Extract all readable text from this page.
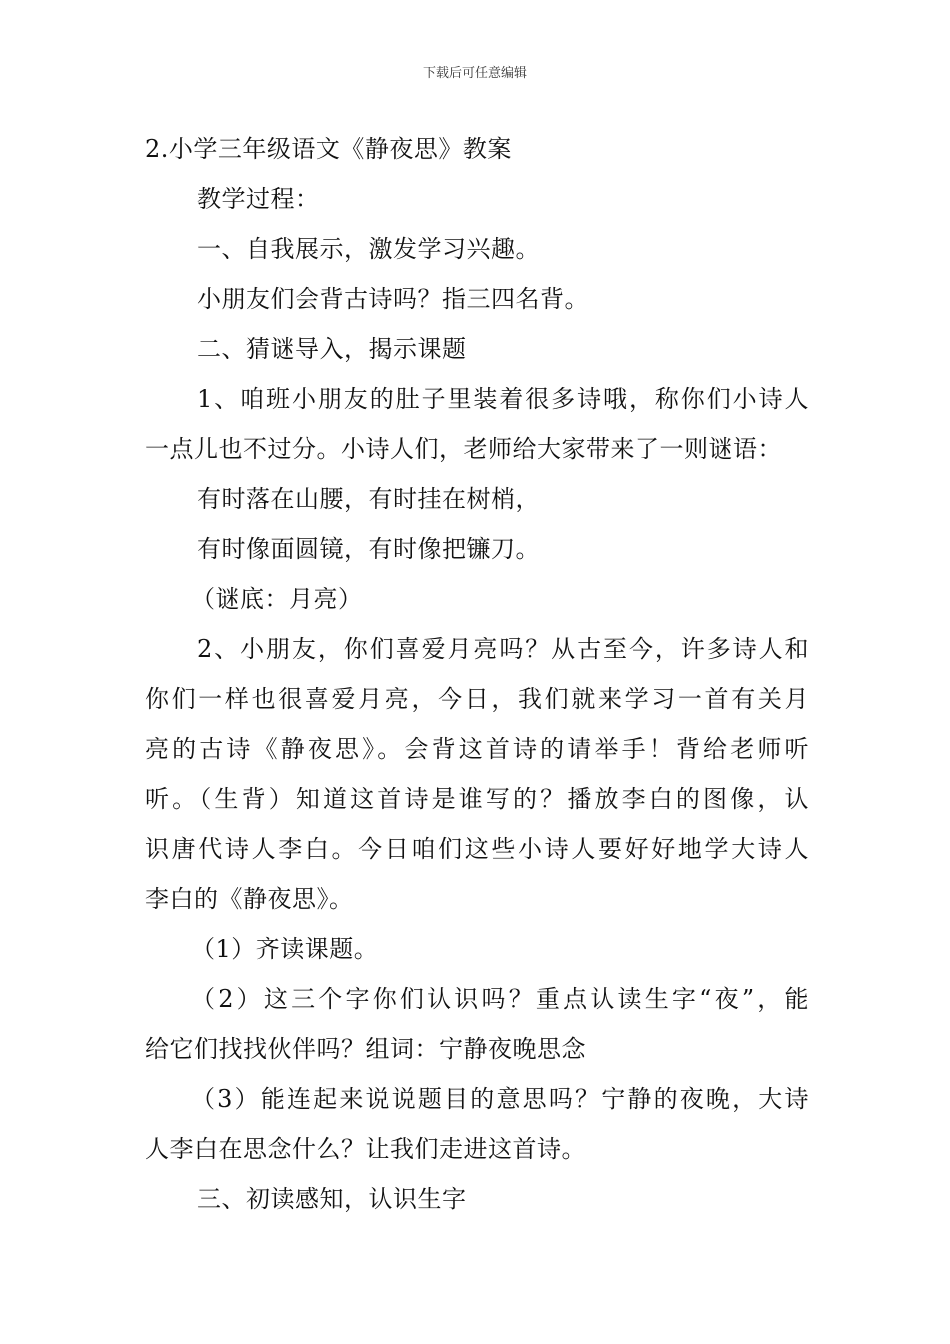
下载后可任意编辑
2.小学三年级语文《静夜思》教案
教学过程：
一、自我展示，激发学习兴趣。
小朋友们会背古诗吗？指三四名背。
二、猜谜导入，揭示课题
1、咱班小朋友的肚子里装着很多诗哦，称你们小诗人
一点儿也不过分。小诗人们，老师给大家带来了一则谜语：
有时落在山腰，有时挂在树梢，
有时像面圆镜，有时像把镰刀。
（谜底：月亮）
2、小朋友，你们喜爱月亮吗？从古至今，许多诗人和
你们一样也很喜爱月亮，今日，我们就来学习一首有关月
亮的古诗《静夜思》。会背这首诗的请举手！背给老师听
听。（生背）知道这首诗是谁写的？播放李白的图像，认
识唐代诗人李白。今日咱们这些小诗人要好好地学大诗人
李白的《静夜思》。
（1）齐读课题。
（2）这三个字你们认识吗？重点认读生字“夜”，能
给它们找找伙伴吗？组词：宁静夜晚思念
（3）能连起来说说题目的意思吗？宁静的夜晚，大诗
人李白在思念什么？让我们走进这首诗。
三、初读感知，认识生字
